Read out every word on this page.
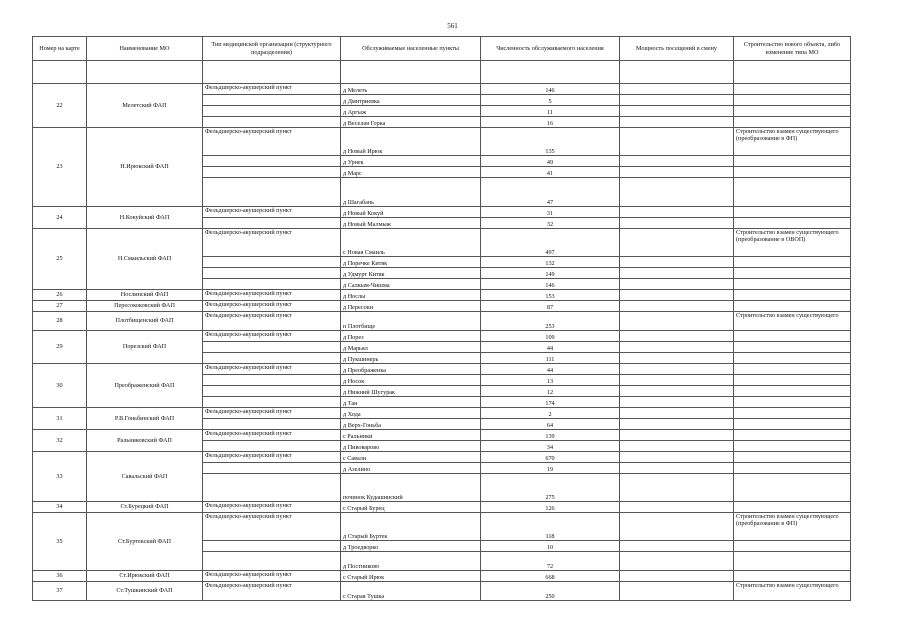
561
Номер на карте	Наименование МО	Тип медицинской организации (структурного подразделения)	Обслуживаемые населенные пункты	Численность обслуживаемого населения	Мощность посещений в смену	Строительство нового объекта, либо изменение типа МО

22	Мелетский ФАП	Фельдшерско-акушерский пункт	д Мелеть	146		
			д Дмитриевка	5		
			д Аргыж	11		
			д Веселая Горка	16		
23	Н.Ирюкский ФАП	Фельдшерско-акушерский пункт	д Новый Ирюк	135		Строительство взамен существующего (преобразование в ФП)
			д Урнек	49		
			д Марс	41		
			д Шагабань	47		
24	Н.Кокуйский ФАП	Фельдшерско-акушерский пункт	д Новый Кокуй	31		
			д Новый Малмыж	32		
25	Н.Смаильский ФАП	Фельдшерско-акушерский пункт	с Новая Смаиль	497		Строительство взамен существующего (преобразование в ОВОП)
			д Поречке Китяк	132		
			д Удмурт Китяк	149		
			д Салкым-Чишма	146		
26	Нослинский ФАП	Фельдшерско-акушерский пункт	д Ноcлы	153		
27	Пересококовский ФАП	Фельдшерско-акушерский пункт	д Пересоки	87		
28	Плотбищенский ФАП	Фельдшерско-акушерский пункт	п Плотбище	253		Строительство взамен существующего
29	Порезский ФАП	Фельдшерско-акушерский пункт	д Порез	109		
			д Марьял	44		
			д Пукшинерь	111		
30	Преображенский ФАП	Фельдшерско-акушерский пункт	д Преображенка	44		
			д Носок	13		
			д Нижний Шугурак	12		
			д Тан	174		
31	Р.В.Гоньбинский ФАП	Фельдшерско-акушерский пункт	д Ходa	2		
			д Верх-Гоньба	64		
32	Ральниковский ФАП	Фельдшерско-акушерский пункт	с Ральники	139		
			д Пивоварово	34		
33	Савальский ФАП	Фельдшерско-акушерский пункт	с Савали	670		
			д Азелино	19		
			починок Кудашинский	275		
34	Ст.Бурецкий ФАП	Фельдшерско-акушерский пункт	с Старый Бурец	126		
35	Ст.Буртекский ФАП	Фельдшерско-акушерский пункт	д Старый Буртек	118		Строительство взамен существующего (преобразование в ФП)
			д Троедворко	10		
			д Постниково	72		
36	Ст.Ирюкский ФАП	Фельдшерско-акушерский пункт	с Старый Ирюк	668		
37	Ст.Тушкинский ФАП	Фельдшерско-акушерский пункт	с Старая Тушка	250		Строительство взамен существующего
